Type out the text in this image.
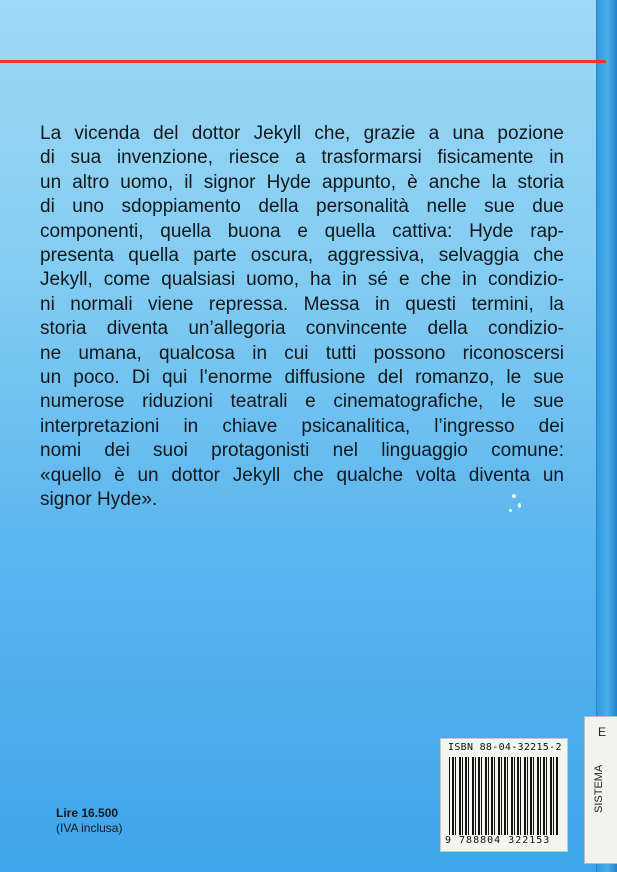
La vicenda del dottor Jekyll che, grazie a una pozione
di sua invenzione, riesce a trasformarsi fisicamente in
un altro uomo, il signor Hyde appunto, è anche la storia
di uno sdoppiamento della personalità nelle sue due
componenti, quella buona e quella cattiva: Hyde rap-
presenta quella parte oscura, aggressiva, selvaggia che
Jekyll, come qualsiasi uomo, ha in sé e che in condizio-
ni normali viene repressa. Messa in questi termini, la
storia diventa un’allegoria convincente della condizio-
ne umana, qualcosa in cui tutti possono riconoscersi
un poco. Di qui l’enorme diffusione del romanzo, le sue
numerose riduzioni teatrali e cinematografiche, le sue
interpretazioni in chiave psicanalitica, l’ingresso dei
nomi dei suoi protagonisti nel linguaggio comune:
«quello è un dottor Jekyll che qualche volta diventa un
signor Hyde».
Lire 16.500
(IVA inclusa)
ISBN 88-04-32215-2
9 788804 322153
E
SISTEMA
